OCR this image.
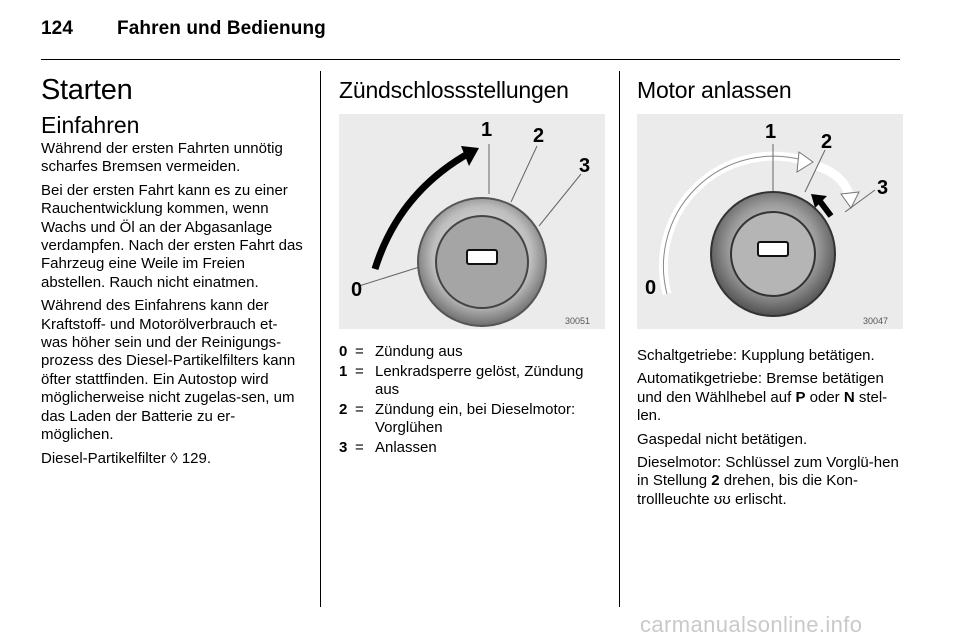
124 Fahren und Bedienung
Starten
Einfahren

Während der ersten Fahrten unnötig scharfes Bremsen vermeiden.

Bei der ersten Fahrt kann es zu einer Rauchentwicklung kommen, wenn Wachs und Öl an der Abgasanlage verdampfen. Nach der ersten Fahrt das Fahrzeug eine Weile im Freien abstellen. Rauch nicht einatmen.

Während des Einfahrens kann der Kraftstoff- und Motorölverbrauch et-was höher sein und der Reinigungs-prozess des Diesel-Partikelfilters kann öfter stattfinden. Ein Autostop wird möglicherweise nicht zugelas-sen, um das Laden der Batterie zu er-möglichen.

Diesel-Partikelfilter ◊ 129.

Zündschlossstellungen
0
1 2
3
30051
0 = Zündung aus
1 = Lenkradsperre gelöst, Zündung aus
2 = Zündung ein, bei Dieselmotor: Vorglühen
3 = Anlassen
Motor anlassen
0
1 2
3
30047

Schaltgetriebe: Kupplung betätigen.

Automatikgetriebe: Bremse betätigen und den Wählhebel auf P oder N stel-len.

Gaspedal nicht betätigen.

Dieselmotor: Schlüssel zum Vorglü-hen in Stellung 2 drehen, bis die Kon-trollleuchte ʊʊ erlischt.

carmanualsonline.info
